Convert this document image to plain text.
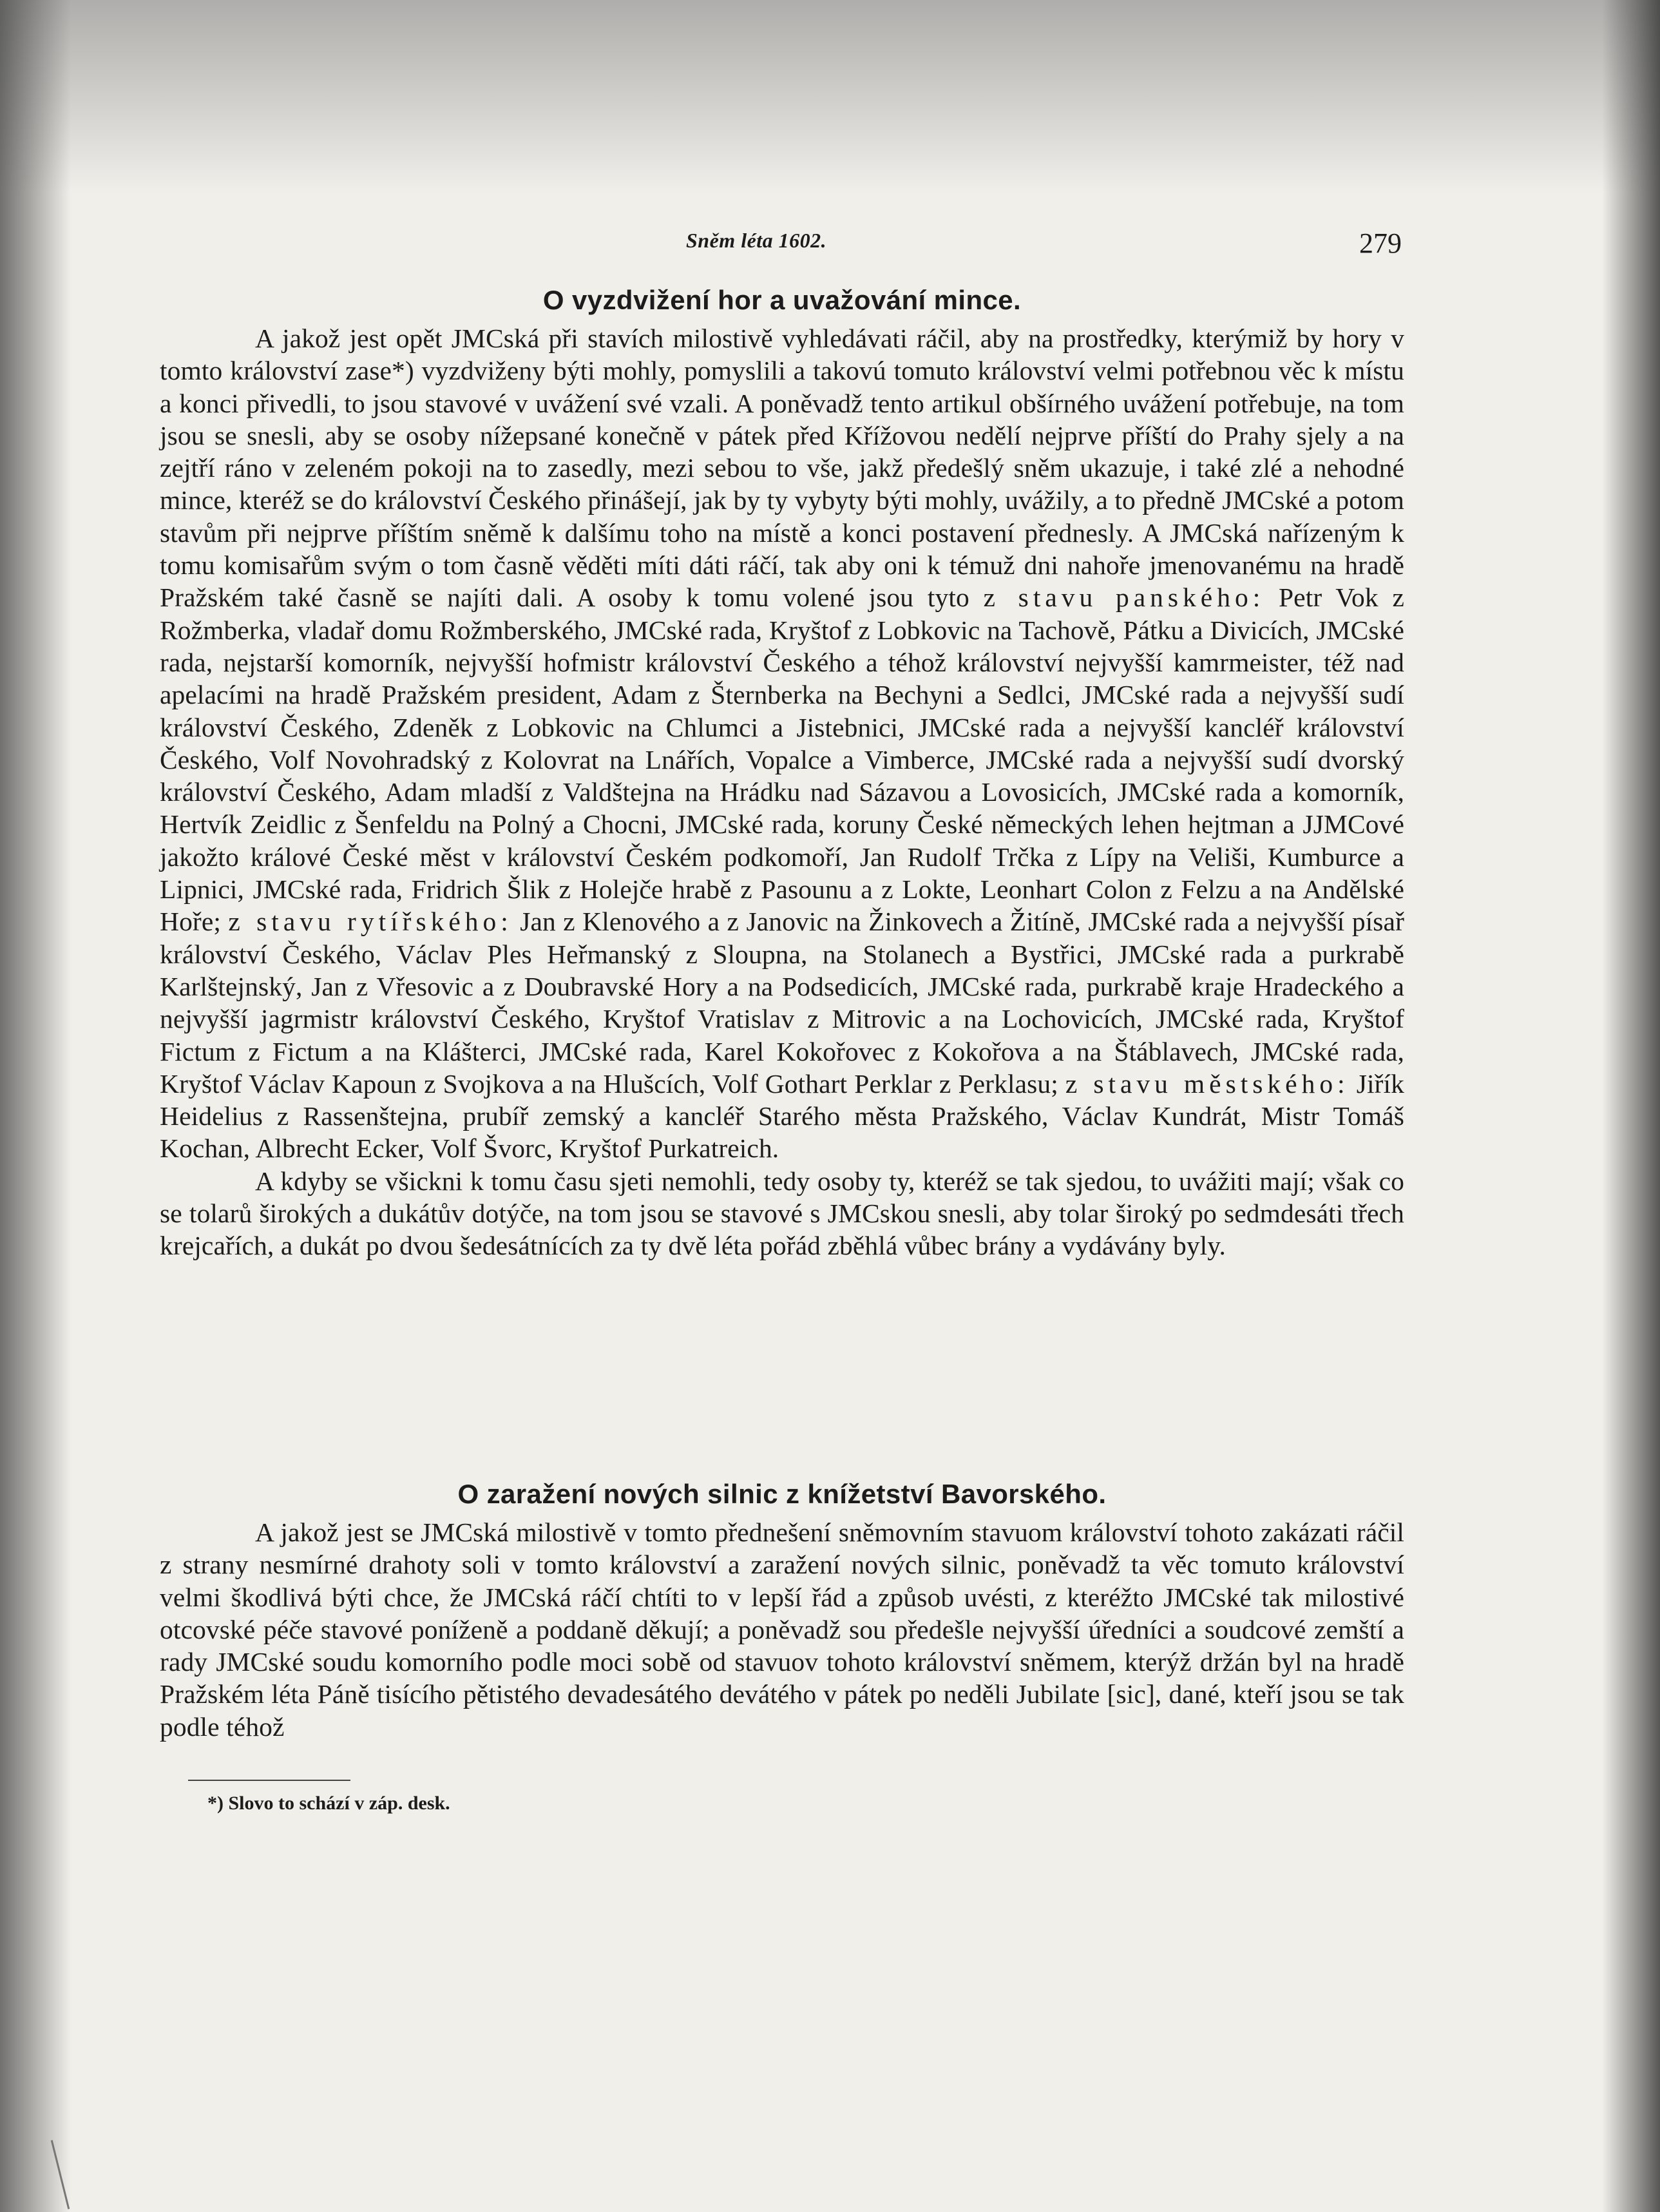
Sněm léta 1602.	279
O vyzdvižení hor a uvažování mince.

A jakož jest opět JMCská při stavích milostivě vyhledávati ráčil, aby na prostředky, kterýmiž by hory v tomto království zase*) vyzdviženy býti mohly, pomyslili a takovú tomuto království velmi potřebnou věc k místu a konci přivedli, to jsou stavové v uvážení své vzali. A poněvadž tento artikul obšírného uvážení potřebuje, na tom jsou se snesli, aby se osoby nížepsané konečně v pátek před Křížovou nedělí nejprve příští do Prahy sjely a na zejtří ráno v zeleném pokoji na to zasedly, mezi sebou to vše, jakž předešlý sněm ukazuje, i také zlé a nehodné mince, kteréž se do království Českého přinášejí, jak by ty vybyty býti mohly, uvážily, a to předně JMCské a potom stavům při nejprve příštím sněmě k dalšímu toho na místě a konci postavení přednesly. A JMCská nařízeným k tomu komisařům svým o tom časně věděti míti dáti ráčí, tak aby oni k témuž dni nahoře jmenovanému na hradě Pražském také časně se najíti dali. A osoby k tomu volené jsou tyto z stavu panského: Petr Vok z Rožmberka, vladař domu Rožmberského, JMCské rada, Kryštof z Lobkovic na Tachově, Pátku a Divicích, JMCské rada, nejstarší komorník, nejvyšší hofmistr království Českého a téhož království nejvyšší kamrmeister, též nad apelacími na hradě Pražském president, Adam z Šternberka na Bechyni a Sedlci, JMCské rada a nejvyšší sudí království Českého, Zdeněk z Lobkovic na Chlumci a Jistebnici, JMCské rada a nejvyšší kancléř království Českého, Volf Novohradský z Kolovrat na Lnářích, Vopalce a Vimberce, JMCské rada a nejvyšší sudí dvorský království Českého, Adam mladší z Valdštejna na Hrádku nad Sázavou a Lovosicích, JMCské rada a komorník, Hertvík Zeidlic z Šenfeldu na Polný a Chocni, JMCské rada, koruny České německých lehen hejtman a JJMCové jakožto králové České měst v království Českém podkomoří, Jan Rudolf Trčka z Lípy na Veliši, Kumburce a Lipnici, JMCské rada, Fridrich Šlik z Holejče hrabě z Pasounu a z Lokte, Leonhart Colon z Felzu a na Andělské Hoře; z stavu rytířského: Jan z Klenového a z Janovic na Žinkovech a Žitíně, JMCské rada a nejvyšší písař království Českého, Václav Ples Heřmanský z Sloupna, na Stolanech a Bystřici, JMCské rada a purkrabě Karlštejnský, Jan z Vřesovic a z Doubravské Hory a na Podsedicích, JMCské rada, purkrabě kraje Hradeckého a nejvyšší jagrmistr království Českého, Kryštof Vratislav z Mitrovic a na Lochovicích, JMCské rada, Kryštof Fictum z Fictum a na Klášterci, JMCské rada, Karel Kokořovec z Kokořova a na Štáblavech, JMCské rada, Kryštof Václav Kapoun z Svojkova a na Hlušcích, Volf Gothart Perklar z Perklasu; z stavu městského: Jiřík Heidelius z Rassenštejna, prubíř zemský a kancléř Starého města Pražského, Václav Kundrát, Mistr Tomáš Kochan, Albrecht Ecker, Volf Švorc, Kryštof Purkatreich.

A kdyby se všickni k tomu času sjeti nemohli, tedy osoby ty, kteréž se tak sjedou, to uvážiti mají; však co se tolarů širokých a dukátův dotýče, na tom jsou se stavové s JMCskou snesli, aby tolar široký po sedmdesáti třech krejcařích, a dukát po dvou šedesátnících za ty dvě léta pořád zběhlá vůbec brány a vydávány byly.

O zaražení nových silnic z knížetství Bavorského.

A jakož jest se JMCská milostivě v tomto přednešení sněmovním stavuom království tohoto zakázati ráčil z strany nesmírné drahoty soli v tomto království a zaražení nových silnic, poněvadž ta věc tomuto království velmi škodlivá býti chce, že JMCská ráčí chtíti to v lepší řád a způsob uvésti, z kteréžto JMCské tak milostivé otcovské péče stavové poníženě a poddaně děkují; a poněvadž sou předešle nejvyšší úředníci a soudcové zemští a rady JMCské soudu komorního podle moci sobě od stavuov tohoto království sněmem, kterýž držán byl na hradě Pražském léta Páně tisícího pětistého devadesátého devátého v pátek po neděli Jubilate [sic], dané, kteří jsou se tak podle téhož

*) Slovo to schází v záp. desk.
